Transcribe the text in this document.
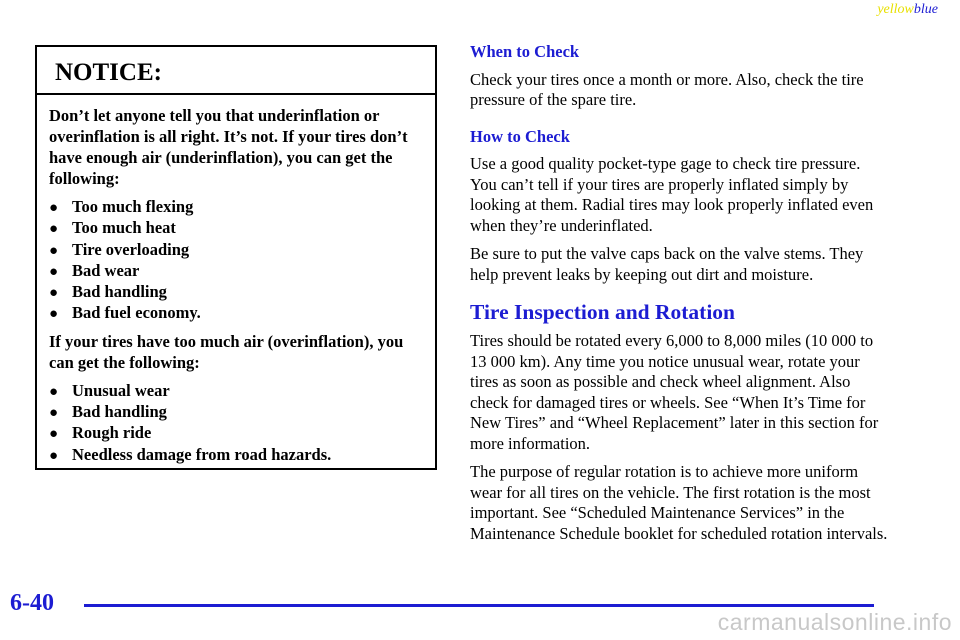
yellowblue
NOTICE:

Don’t let anyone tell you that underinflation or overinflation is all right. It’s not. If your tires don’t have enough air (underinflation), you can get the following:

● Too much flexing
● Too much heat
● Tire overloading
● Bad wear
● Bad handling
● Bad fuel economy.

If your tires have too much air (overinflation), you can get the following:

● Unusual wear
● Bad handling
● Rough ride
● Needless damage from road hazards.
When to Check

Check your tires once a month or more. Also, check the tire pressure of the spare tire.

How to Check

Use a good quality pocket-type gage to check tire pressure. You can’t tell if your tires are properly inflated simply by looking at them. Radial tires may look properly inflated even when they’re underinflated.

Be sure to put the valve caps back on the valve stems. They help prevent leaks by keeping out dirt and moisture.

Tire Inspection and Rotation

Tires should be rotated every 6,000 to 8,000 miles (10 000 to 13 000 km). Any time you notice unusual wear, rotate your tires as soon as possible and check wheel alignment. Also check for damaged tires or wheels. See “When It’s Time for New Tires” and “Wheel Replacement” later in this section for more information.

The purpose of regular rotation is to achieve more uniform wear for all tires on the vehicle. The first rotation is the most important. See “Scheduled Maintenance Services” in the Maintenance Schedule booklet for scheduled rotation intervals.

6-40
carmanualsonline.info
